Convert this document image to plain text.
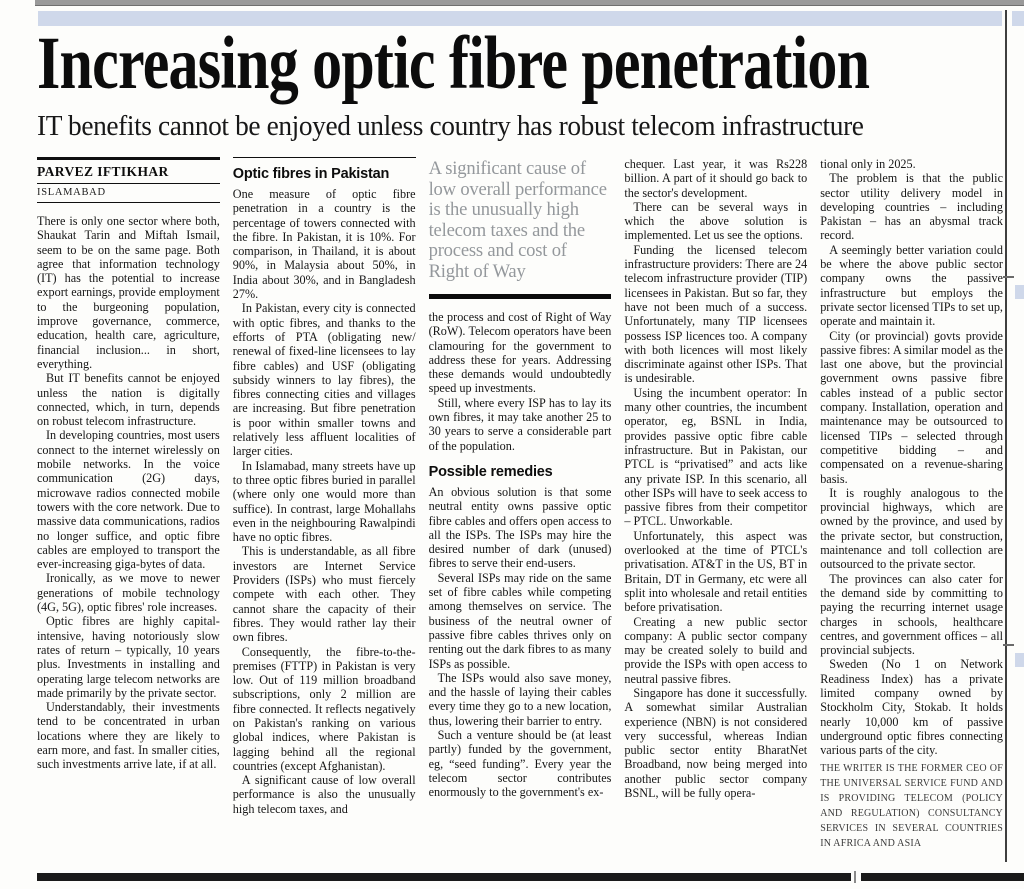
Increasing optic fibre penetration
IT benefits cannot be enjoyed unless country has robust telecom infrastructure
PARVEZ IFTIKHAR
ISLAMABAD

There is only one sector where both, Shaukat Tarin and Miftah Ismail, seem to be on the same page. Both agree that information technology (IT) has the potential to increase export earnings, provide employment to the burgeoning population, improve governance, commerce, education, health care, agriculture, financial inclusion... in short, everything.

But IT benefits cannot be enjoyed unless the nation is digitally connected, which, in turn, depends on robust telecom infrastructure.

In developing countries, most users connect to the internet wirelessly on mobile networks. In the voice communication (2G) days, microwave radios connected mobile towers with the core network. Due to massive data communications, radios no longer suffice, and optic fibre cables are employed to transport the ever-increasing giga-bytes of data.

Ironically, as we move to newer generations of mobile technology (4G, 5G), optic fibres' role increases.

Optic fibres are highly capital-intensive, having notoriously slow rates of return – typically, 10 years plus. Investments in installing and operating large telecom networks are made primarily by the private sector.

Understandably, their investments tend to be concentrated in urban locations where they are likely to earn more, and fast. In smaller cities, such investments arrive late, if at all.

Optic fibres in Pakistan

One measure of optic fibre penetration in a country is the percentage of towers connected with the fibre. In Pakistan, it is 10%. For comparison, in Thailand, it is about 90%, in Malaysia about 50%, in India about 30%, and in Bangladesh 27%.

In Pakistan, every city is connected with optic fibres, and thanks to the efforts of PTA (obligating new/ renewal of fixed-line licensees to lay fibre cables) and USF (obligating subsidy winners to lay fibres), the fibres connecting cities and villages are increasing. But fibre penetration is poor within smaller towns and relatively less affluent localities of larger cities.

In Islamabad, many streets have up to three optic fibres buried in parallel (where only one would more than suffice). In contrast, large Mohallahs even in the neighbouring Rawalpindi have no optic fibres.

This is understandable, as all fibre investors are Internet Service Providers (ISPs) who must fiercely compete with each other. They cannot share the capacity of their fibres. They would rather lay their own fibres.

Consequently, the fibre-to-the-premises (FTTP) in Pakistan is very low. Out of 119 million broadband subscriptions, only 2 million are fibre connected. It reflects negatively on Pakistan's ranking on various global indices, where Pakistan is lagging behind all the regional countries (except Afghanistan).

A significant cause of low overall performance is also the unusually high telecom taxes, and

A significant cause of low overall performance is the unusually high telecom taxes and the process and cost of Right of Way

the process and cost of Right of Way (RoW). Telecom operators have been clamouring for the government to address these for years. Addressing these demands would undoubtedly speed up investments.

Still, where every ISP has to lay its own fibres, it may take another 25 to 30 years to serve a considerable part of the population.

Possible remedies

An obvious solution is that some neutral entity owns passive optic fibre cables and offers open access to all the ISPs. The ISPs may hire the desired number of dark (unused) fibres to serve their end-users.

Several ISPs may ride on the same set of fibre cables while competing among themselves on service. The business of the neutral owner of passive fibre cables thrives only on renting out the dark fibres to as many ISPs as possible.

The ISPs would also save money, and the hassle of laying their cables every time they go to a new location, thus, lowering their barrier to entry.

Such a venture should be (at least partly) funded by the government, eg, “seed funding”. Every year the telecom sector contributes enormously to the government's ex-

chequer. Last year, it was Rs228 billion. A part of it should go back to the sector's development.

There can be several ways in which the above solution is implemented. Let us see the options.

Funding the licensed telecom infrastructure providers: There are 24 telecom infrastructure provider (TIP) licensees in Pakistan. But so far, they have not been much of a success. Unfortunately, many TIP licensees possess ISP licences too. A company with both licences will most likely discriminate against other ISPs. That is undesirable.

Using the incumbent operator: In many other countries, the incumbent operator, eg, BSNL in India, provides passive optic fibre cable infrastructure. But in Pakistan, our PTCL is “privatised” and acts like any private ISP. In this scenario, all other ISPs will have to seek access to passive fibres from their competitor – PTCL. Unworkable.

Unfortunately, this aspect was overlooked at the time of PTCL's privatisation. AT&T in the US, BT in Britain, DT in Germany, etc were all split into wholesale and retail entities before privatisation.

Creating a new public sector company: A public sector company may be created solely to build and provide the ISPs with open access to neutral passive fibres.

Singapore has done it successfully. A somewhat similar Australian experience (NBN) is not considered very successful, whereas Indian public sector entity BharatNet Broadband, now being merged into another public sector company BSNL, will be fully opera-

tional only in 2025.

The problem is that the public sector utility delivery model in developing countries – including Pakistan – has an abysmal track record.

A seemingly better variation could be where the above public sector company owns the passive infrastructure but employs the private sector licensed TIPs to set up, operate and maintain it.

City (or provincial) govts provide passive fibres: A similar model as the last one above, but the provincial government owns passive fibre cables instead of a public sector company. Installation, operation and maintenance may be outsourced to licensed TIPs – selected through competitive bidding – and compensated on a revenue-sharing basis.

It is roughly analogous to the provincial highways, which are owned by the province, and used by the private sector, but construction, maintenance and toll collection are outsourced to the private sector.

The provinces can also cater for the demand side by committing to paying the recurring internet usage charges in schools, healthcare centres, and government offices – all provincial subjects.

Sweden (No 1 on Network Readiness Index) has a private limited company owned by Stockholm City, Stokab. It holds nearly 10,000 km of passive underground optic fibres connecting various parts of the city.

THE WRITER IS THE FORMER CEO OF THE UNIVERSAL SERVICE FUND AND IS PROVIDING TELECOM (POLICY AND REGULATION) CONSULTANCY SERVICES IN SEVERAL COUNTRIES IN AFRICA AND ASIA
